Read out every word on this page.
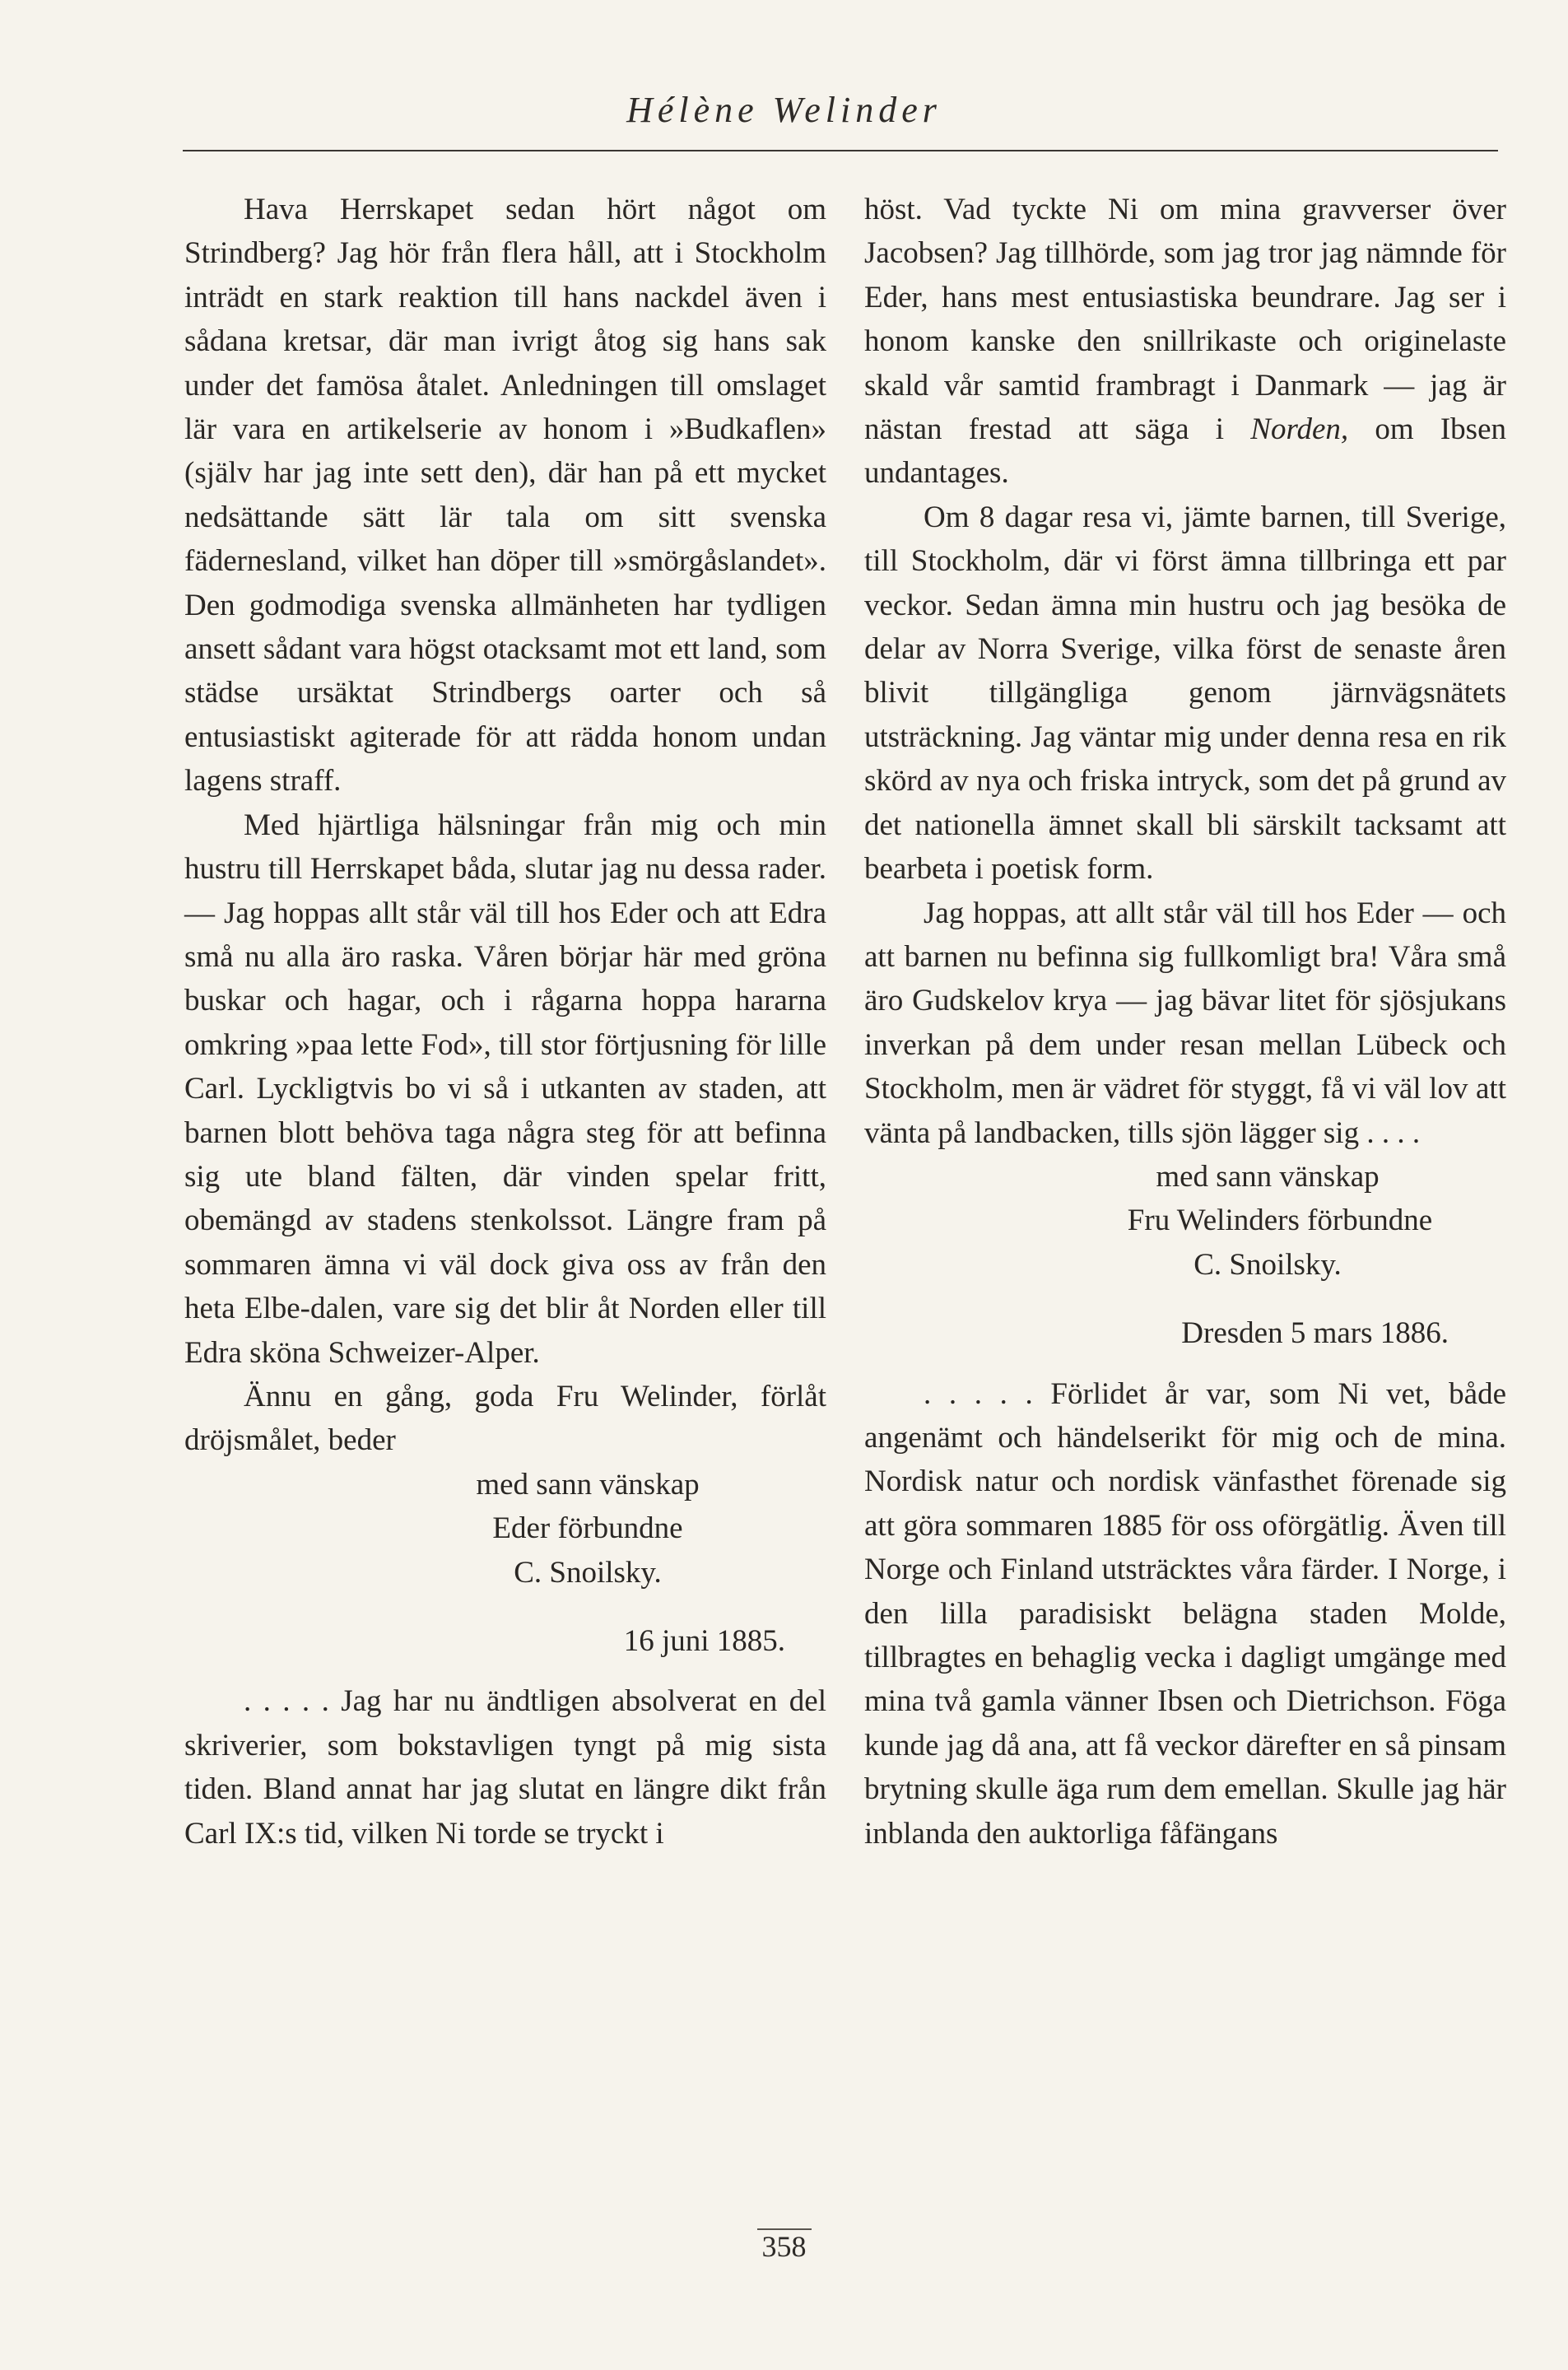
Hélène Welinder

Hava Herrskapet sedan hört något om Strindberg? Jag hör från flera håll, att i Stockholm inträdt en stark reaktion till hans nackdel även i sådana kretsar, där man ivrigt åtog sig hans sak under det famösa åtalet. Anledningen till omslaget lär vara en artikelserie av honom i »Budkaflen» (själv har jag inte sett den), där han på ett mycket nedsättande sätt lär tala om sitt svenska fädernesland, vilket han döper till »smörgåslandet». Den godmodiga svenska allmänheten har tydligen ansett sådant vara högst otacksamt mot ett land, som städse ursäktat Strindbergs oarter och så entusiastiskt agiterade för att rädda honom undan lagens straff.

Med hjärtliga hälsningar från mig och min hustru till Herrskapet båda, slutar jag nu dessa rader. — Jag hoppas allt står väl till hos Eder och att Edra små nu alla äro raska. Våren börjar här med gröna buskar och hagar, och i rågarna hoppa hararna omkring »paa lette Fod», till stor förtjusning för lille Carl. Lyckligtvis bo vi så i utkanten av staden, att barnen blott behöva taga några steg för att befinna sig ute bland fälten, där vinden spelar fritt, obemängd av stadens stenkolssot. Längre fram på sommaren ämna vi väl dock giva oss av från den heta Elbe-dalen, vare sig det blir åt Norden eller till Edra sköna Schweizer-Alper.

Ännu en gång, goda Fru Welinder, förlåt dröjsmålet, beder

med sann vänskap
Eder förbundne
C. Snoilsky.
16 juni 1885.

. . . . . Jag har nu ändtligen absolverat en del skriverier, som bokstavligen tyngt på mig sista tiden. Bland annat har jag slutat en längre dikt från Carl IX:s tid, vilken Ni torde se tryckt i

höst. Vad tyckte Ni om mina gravverser över Jacobsen? Jag tillhörde, som jag tror jag nämnde för Eder, hans mest entusiastiska beundrare. Jag ser i honom kanske den snillrikaste och originelaste skald vår samtid frambragt i Danmark — jag är nästan frestad att säga i Norden, om Ibsen undantages.

Om 8 dagar resa vi, jämte barnen, till Sverige, till Stockholm, där vi först ämna tillbringa ett par veckor. Sedan ämna min hustru och jag besöka de delar av Norra Sverige, vilka först de senaste åren blivit tillgängliga genom järnvägsnätets utsträckning. Jag väntar mig under denna resa en rik skörd av nya och friska intryck, som det på grund av det nationella ämnet skall bli särskilt tacksamt att bearbeta i poetisk form.

Jag hoppas, att allt står väl till hos Eder — och att barnen nu befinna sig fullkomligt bra! Våra små äro Gudskelov krya — jag bävar litet för sjösjukans inverkan på dem under resan mellan Lübeck och Stockholm, men är vädret för styggt, få vi väl lov att vänta på landbacken, tills sjön lägger sig . . . .

med sann vänskap
Fru Welinders förbundne
C. Snoilsky.
Dresden 5 mars 1886.

. . . . . Förlidet år var, som Ni vet, både angenämt och händelserikt för mig och de mina. Nordisk natur och nordisk vänfasthet förenade sig att göra sommaren 1885 för oss oförgätlig. Även till Norge och Finland utsträcktes våra färder. I Norge, i den lilla paradisiskt belägna staden Molde, tillbragtes en behaglig vecka i dagligt umgänge med mina två gamla vänner Ibsen och Dietrichson. Föga kunde jag då ana, att få veckor därefter en så pinsam brytning skulle äga rum dem emellan. Skulle jag här inblanda den auktorliga fåfängans

358
